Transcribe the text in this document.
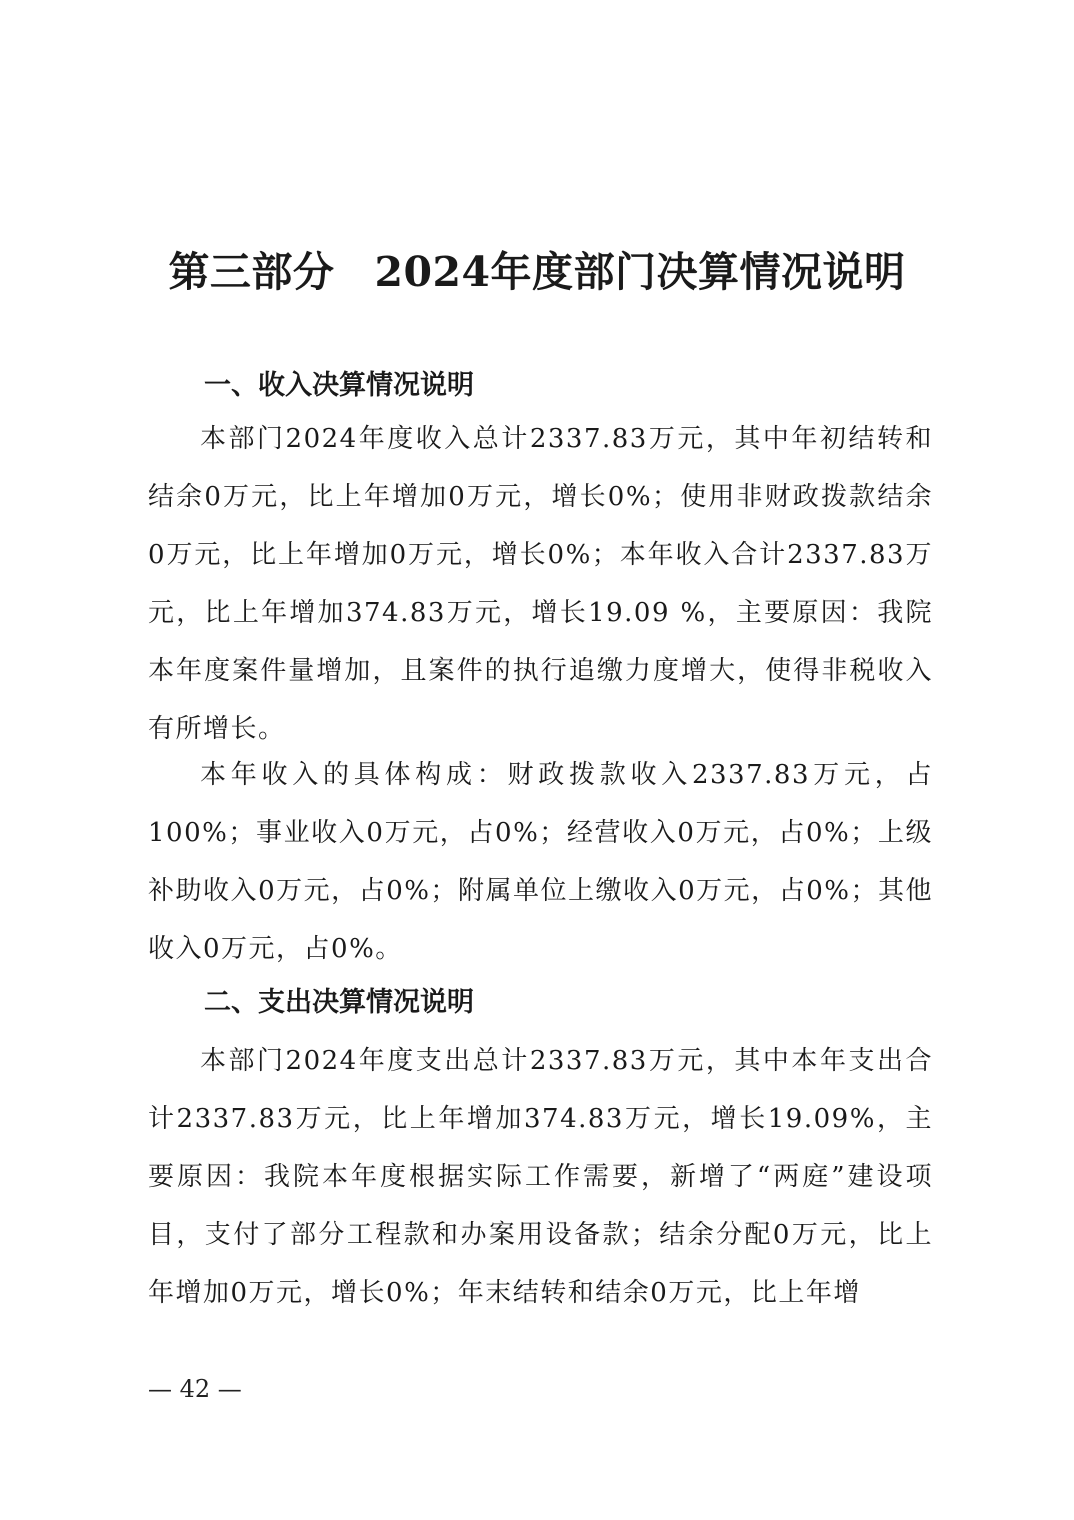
第三部分 2024年度部门决算情况说明
一、收入决算情况说明

本部门2024年度收入总计2337.83万元，其中年初结转和结余0万元，比上年增加0万元，增长0%；使用非财政拨款结余0万元，比上年增加0万元，增长0%；本年收入合计2337.83万元，比上年增加374.83万元，增长19.09 %，主要原因：我院本年度案件量增加，且案件的执行追缴力度增大，使得非税收入有所增长。

本年收入的具体构成：财政拨款收入2337.83万元，占100%；事业收入0万元，占0%；经营收入0万元，占0%；上级补助收入0万元，占0%；附属单位上缴收入0万元，占0%；其他收入0万元，占0%。

二、支出决算情况说明

本部门2024年度支出总计2337.83万元，其中本年支出合计2337.83万元，比上年增加374.83万元，增长19.09%，主要原因：我院本年度根据实际工作需要，新增了“两庭”建设项目，支付了部分工程款和办案用设备款；结余分配0万元，比上年增加0万元，增长0%；年末结转和结余0万元，比上年增

— 42 —
